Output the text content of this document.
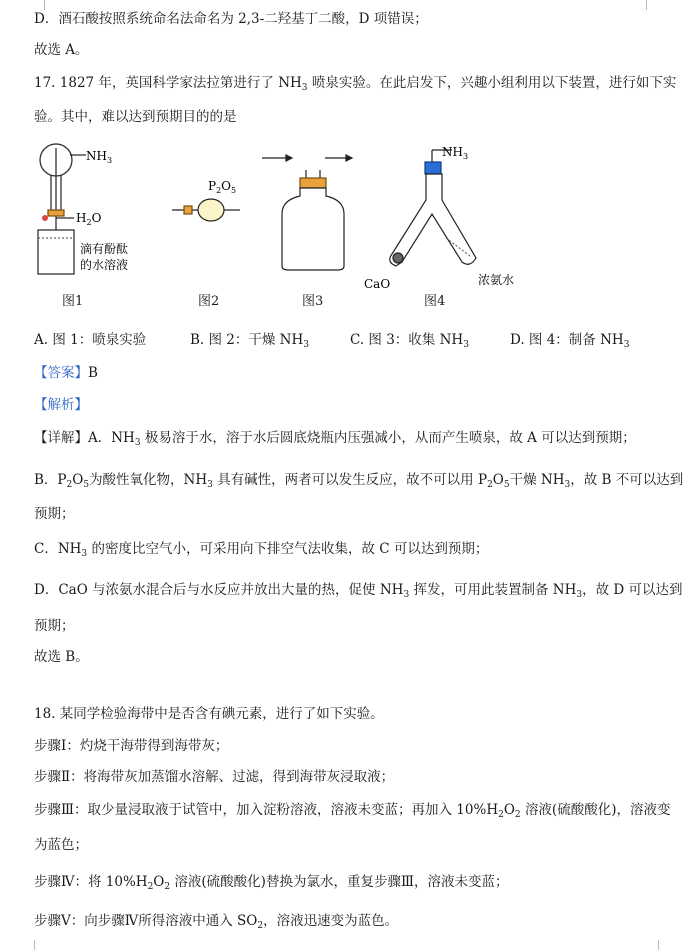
D．酒石酸按照系统命名法命名为 2,3-二羟基丁二酸，D 项错误；
故选 A。
17. 1827 年，英国科学家法拉第进行了 $NH_3$ 喷泉实验。在此启发下，兴趣小组利用以下装置，进行如下实
验。其中，难以达到预期目的的是
$NH_3$
$H_2O$
滴有酚酞
的水溶液
$P_2O_5$
$NH_3$
CaO	浓氨水
图1	图2	图3	图4
A. 图 1：喷泉实验	B. 图 2：干燥 $NH_3$	C. 图 3：收集 $NH_3$	D. 图 4：制备 $NH_3$
【答案】B
【解析】
【详解】A．$NH_3$ 极易溶于水，溶于水后圆底烧瓶内压强减小，从而产生喷泉，故 A 可以达到预期；
B．$P_2O_5$为酸性氧化物，$NH_3$ 具有碱性，两者可以发生反应，故不可以用 $P_2O_5$干燥 $NH_3$，故 B 不可以达到
预期；
C．$NH_3$ 的密度比空气小，可采用向下排空气法收集，故 C 可以达到预期；
D．CaO 与浓氨水混合后与水反应并放出大量的热，促使 $NH_3$ 挥发，可用此装置制备 $NH_3$，故 D 可以达到
预期；
故选 B。
18. 某同学检验海带中是否含有碘元素，进行了如下实验。
步骤Ⅰ：灼烧干海带得到海带灰；
步骤Ⅱ：将海带灰加蒸馏水溶解、过滤，得到海带灰浸取液；
步骤Ⅲ：取少量浸取液于试管中，加入淀粉溶液，溶液未变蓝；再加入 $10\%H_2O_2$ 溶液(硫酸酸化)，溶液变
为蓝色；
步骤Ⅳ：将 $10\%H_2O_2$ 溶液(硫酸酸化)替换为氯水，重复步骤Ⅲ，溶液未变蓝；
步骤Ⅴ：向步骤Ⅳ所得溶液中通入 $SO_2$，溶液迅速变为蓝色。
